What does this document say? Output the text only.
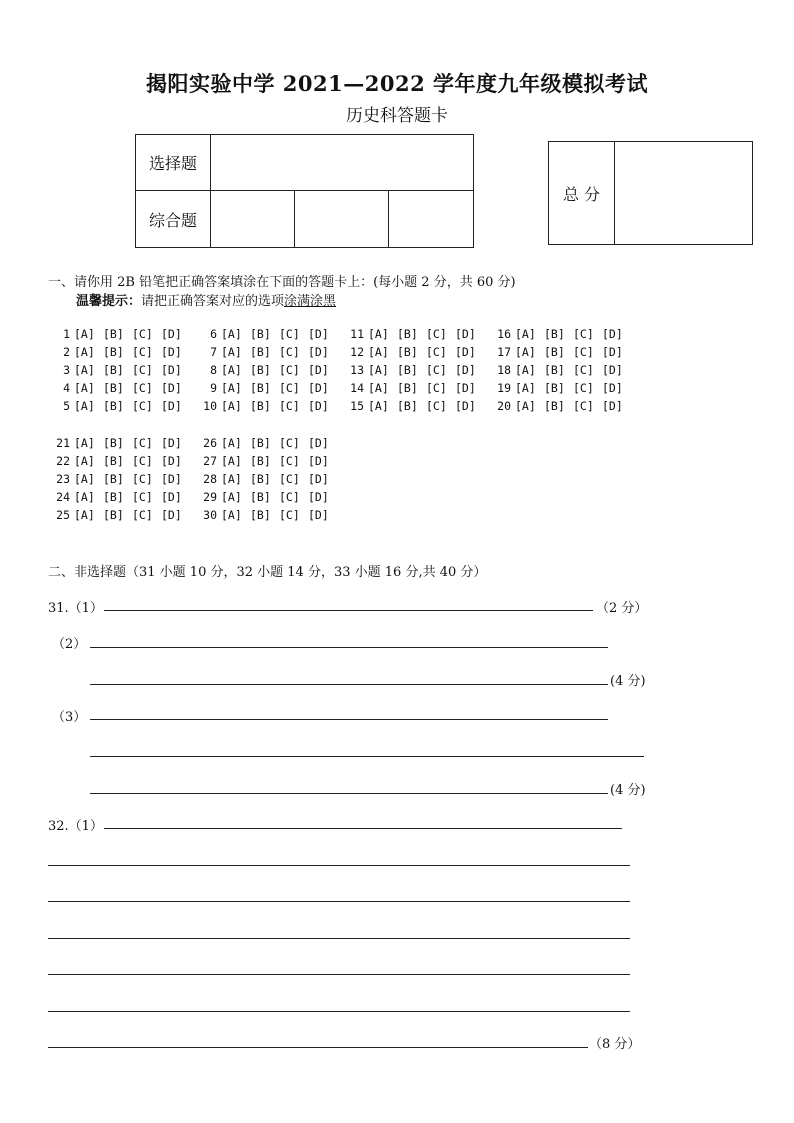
揭阳实验中学 2021—2022 学年度九年级模拟考试
历史科答题卡
选择题			
综合题			
总 分	
一、请你用 2B 铅笔把正确答案填涂在下面的答题卡上：(每小题 2 分，共 60 分)
温馨提示：请把正确答案对应的选项涂满涂黑
1 [A] [B] [C] [D]	6 [A] [B] [C] [D]	11 [A] [B] [C] [D]	16 [A] [B] [C] [D]
2 [A] [B] [C] [D]	7 [A] [B] [C] [D]	12 [A] [B] [C] [D]	17 [A] [B] [C] [D]
3 [A] [B] [C] [D]	8 [A] [B] [C] [D]	13 [A] [B] [C] [D]	18 [A] [B] [C] [D]
4 [A] [B] [C] [D]	9 [A] [B] [C] [D]	14 [A] [B] [C] [D]	19 [A] [B] [C] [D]
5 [A] [B] [C] [D]	10 [A] [B] [C] [D]	15 [A] [B] [C] [D]	20 [A] [B] [C] [D]
21 [A] [B] [C] [D]	26 [A] [B] [C] [D]
22 [A] [B] [C] [D]	27 [A] [B] [C] [D]
23 [A] [B] [C] [D]	28 [A] [B] [C] [D]
24 [A] [B] [C] [D]	29 [A] [B] [C] [D]
25 [A] [B] [C] [D]	30 [A] [B] [C] [D]
二、非选择题（31 小题 10 分，32 小题 14 分，33 小题 16 分,共 40 分）
31.（1）	（2 分）
（2）
(4 分)
（3）
(4 分)
32.（1）
（8 分）
